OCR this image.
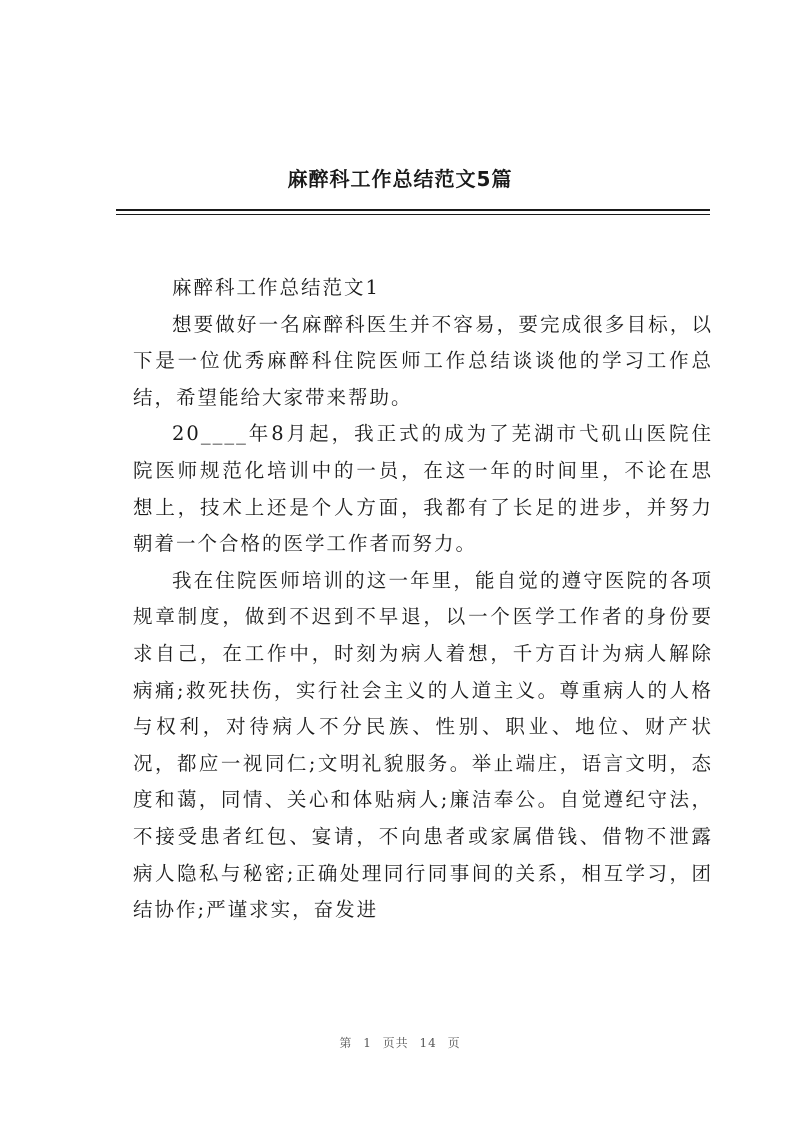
麻醉科工作总结范文5篇

麻醉科工作总结范文1

想要做好一名麻醉科医生并不容易，要完成很多目标，以下是一位优秀麻醉科住院医师工作总结谈谈他的学习工作总结，希望能给大家带来帮助。

20____年8月起，我正式的成为了芜湖市弋矶山医院住院医师规范化培训中的一员，在这一年的时间里，不论在思想上，技术上还是个人方面，我都有了长足的进步，并努力朝着一个合格的医学工作者而努力。

我在住院医师培训的这一年里，能自觉的遵守医院的各项规章制度，做到不迟到不早退，以一个医学工作者的身份要求自己，在工作中，时刻为病人着想，千方百计为病人解除病痛;救死扶伤，实行社会主义的人道主义。尊重病人的人格与权利，对待病人不分民族、性别、职业、地位、财产状况，都应一视同仁;文明礼貌服务。举止端庄，语言文明，态度和蔼，同情、关心和体贴病人;廉洁奉公。自觉遵纪守法，不接受患者红包、宴请，不向患者或家属借钱、借物不泄露病人隐私与秘密;正确处理同行同事间的关系，相互学习，团结协作;严谨求实，奋发进

第 1 页共 14 页
